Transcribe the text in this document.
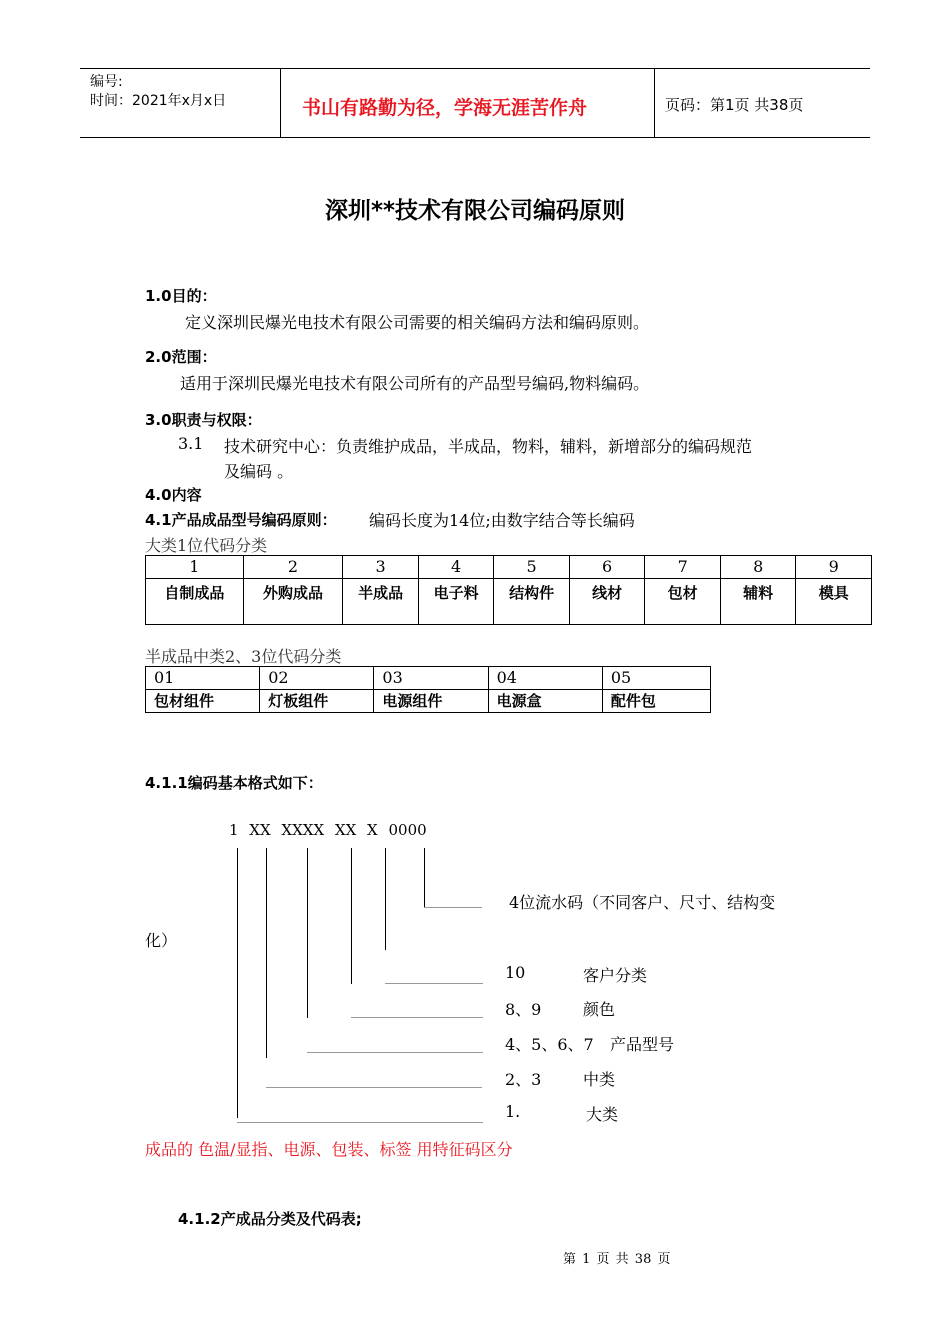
编号:
时间：2021年x月x日	书山有路勤为径，学海无涯苦作舟	页码：第1页 共38页
深圳**技术有限公司编码原则
1.0目的：
定义深圳民爆光电技术有限公司需要的相关编码方法和编码原则。
2.0范围：
适用于深圳民爆光电技术有限公司所有的产品型号编码,物料编码。
3.0职责与权限：
3.1 技术研究中心：负责维护成品，半成品，物料，辅料，新增部分的编码规范
及编码 。
4.0内容
4.1产品成品型号编码原则： 编码长度为14位;由数字结合等长编码
大类1位代码分类
1	2	3	4	5	6	7	8	9
自制成品	外购成品	半成品	电子料	结构件	线材	包材	辅料	模具
半成品中类2、3位代码分类
01	02	03	04	05
包材组件	灯板组件	电源组件	电源盒	配件包
4.1.1编码基本格式如下：
1 XX XXXX XX X 0000
4位流水码（不同客户、尺寸、结构变
化）
10	客户分类
8、9	颜色
4、5、6、7 产品型号
2、3	中类
1.	大类
成品的 色温/显指、电源、包装、标签 用特征码区分
4.1.2产成品分类及代码表;
第 1 页 共 38 页
